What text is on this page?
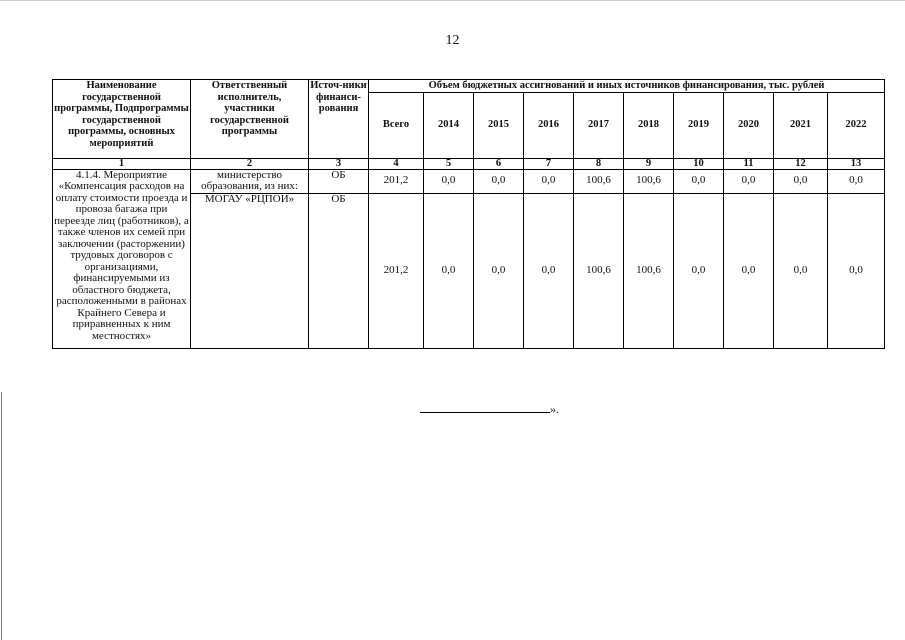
12
Наименование государственной программы, Подпрограммы государственной программы, основных мероприятий	Ответственный исполнитель, участники государственной программы	Источ-ники финанси-рования	Объем бюджетных ассигнований и иных источников финансирования, тыс. рублей									
			Всего	2014	2015	2016	2017	2018	2019	2020	2021	2022
1	2	3	4	5	6	7	8	9	10	11	12	13
4.1.4. Мероприятие «Компенсация расходов на оплату стоимости проезда и провоза багажа при переезде лиц (работников), а также членов их семей при заключении (расторжении) трудовых договоров с организациями, финансируемыми из областного бюджета, расположенными в районах Крайнего Севера и приравненных к ним местностях»	министерство образования, из них:	ОБ	201,2	0,0	0,0	0,0	100,6	100,6	0,0	0,0	0,0	0,0
	МОГАУ «РЦПОИ»	ОБ	201,2	0,0	0,0	0,0	100,6	100,6	0,0	0,0	0,0	0,0
».
